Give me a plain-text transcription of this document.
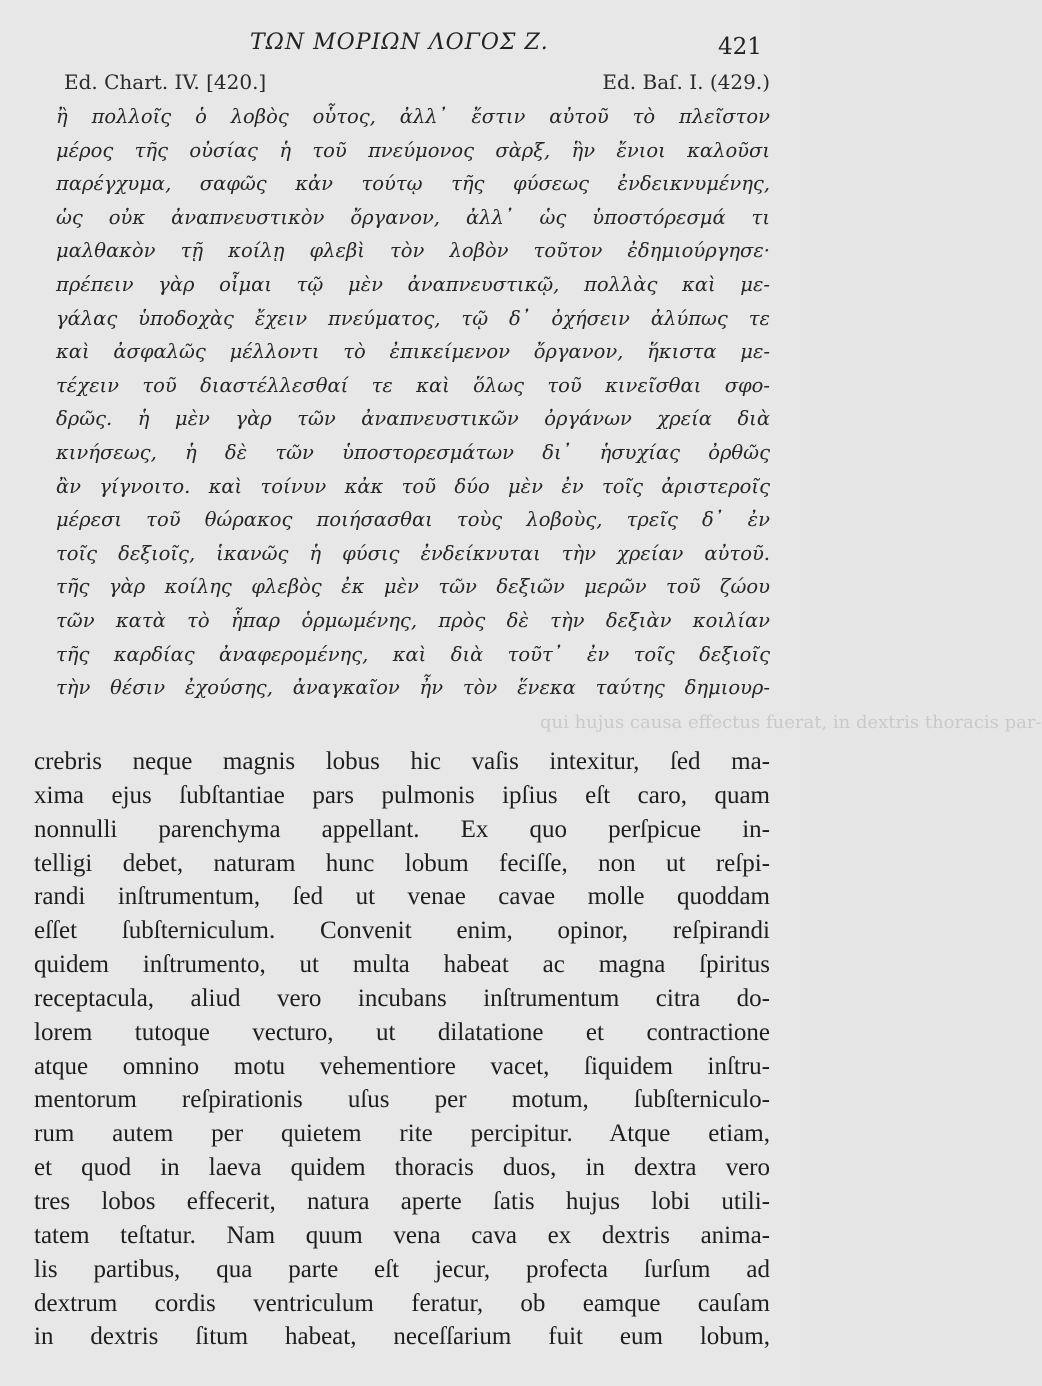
ΤΩΝ ΜΟΡΙΩΝ ΛΟΓΟΣ Ζ.	421
Ed. Chart. IV. [420.]	Ed. Baſ. I. (429.)
ἢ πολλοῖς ὁ λοβὸς οὗτος, ἀλλ᾽ ἔστιν αὐτοῦ τὸ πλεῖστον
μέρος τῆς οὐσίας ἡ τοῦ πνεύμονος σὰρξ, ἣν ἔνιοι καλοῦσι
παρέγχυμα, σαφῶς κἀν τούτῳ τῆς φύσεως ἐνδεικνυμένης,
ὡς οὐκ ἀναπνευστικὸν ὄργανον, ἀλλ᾽ ὡς ὑποστόρεσμά τι
μαλθακὸν τῇ κοίλῃ φλεβὶ τὸν λοβὸν τοῦτον ἐδημιούργησε·
πρέπειν γὰρ οἶμαι τῷ μὲν ἀναπνευστικῷ, πολλὰς καὶ με-
γάλας ὑποδοχὰς ἔχειν πνεύματος, τῷ δ᾽ ὀχήσειν ἀλύπως τε
καὶ ἀσφαλῶς μέλλοντι τὸ ἐπικείμενον ὄργανον, ἥκιστα με-
τέχειν τοῦ διαστέλλεσθαί τε καὶ ὅλως τοῦ κινεῖσθαι σφο-
δρῶς. ἡ μὲν γὰρ τῶν ἀναπνευστικῶν ὀργάνων χρεία διὰ
κινήσεως, ἡ δὲ τῶν ὑποστορεσμάτων δι᾽ ἡσυχίας ὀρθῶς
ἂν γίγνοιτο. καὶ τοίνυν κἀκ τοῦ δύο μὲν ἐν τοῖς ἀριστεροῖς
μέρεσι τοῦ θώρακος ποιήσασθαι τοὺς λοβοὺς, τρεῖς δ᾽ ἐν
τοῖς δεξιοῖς, ἱκανῶς ἡ φύσις ἐνδείκνυται τὴν χρείαν αὐτοῦ.
τῆς γὰρ κοίλης φλεβὸς ἐκ μὲν τῶν δεξιῶν μερῶν τοῦ ζώου
τῶν κατὰ τὸ ἧπαρ ὁρμωμένης, πρὸς δὲ τὴν δεξιὰν κοιλίαν
τῆς καρδίας ἀναφερομένης, καὶ διὰ τοῦτ᾽ ἐν τοῖς δεξιοῖς
τὴν θέσιν ἐχούσης, ἀναγκαῖον ἦν τὸν ἕνεκα ταύτης δημιουρ-
qui hujus causa effectus fuerat, in dextris thoracis par-
crebris neque magnis lobus hic vaſis intexitur, ſed ma-
xima ejus ſubſtantiae pars pulmonis ipſius eſt caro, quam
nonnulli parenchyma appellant. Ex quo perſpicue in-
telligi debet, naturam hunc lobum feciſſe, non ut reſpi-
randi inſtrumentum, ſed ut venae cavae molle quoddam
eſſet ſubſterniculum. Convenit enim, opinor, reſpirandi
quidem inſtrumento, ut multa habeat ac magna ſpiritus
receptacula, aliud vero incubans inſtrumentum citra do-
lorem tutoque vecturo, ut dilatatione et contractione
atque omnino motu vehementiore vacet, ſiquidem inſtru-
mentorum reſpirationis uſus per motum, ſubſterniculo-
rum autem per quietem rite percipitur. Atque etiam,
et quod in laeva quidem thoracis duos, in dextra vero
tres lobos effecerit, natura aperte ſatis hujus lobi utili-
tatem teſtatur. Nam quum vena cava ex dextris anima-
lis partibus, qua parte eſt jecur, profecta ſurſum ad
dextrum cordis ventriculum feratur, ob eamque cauſam
in dextris ſitum habeat, neceſſarium fuit eum lobum,
